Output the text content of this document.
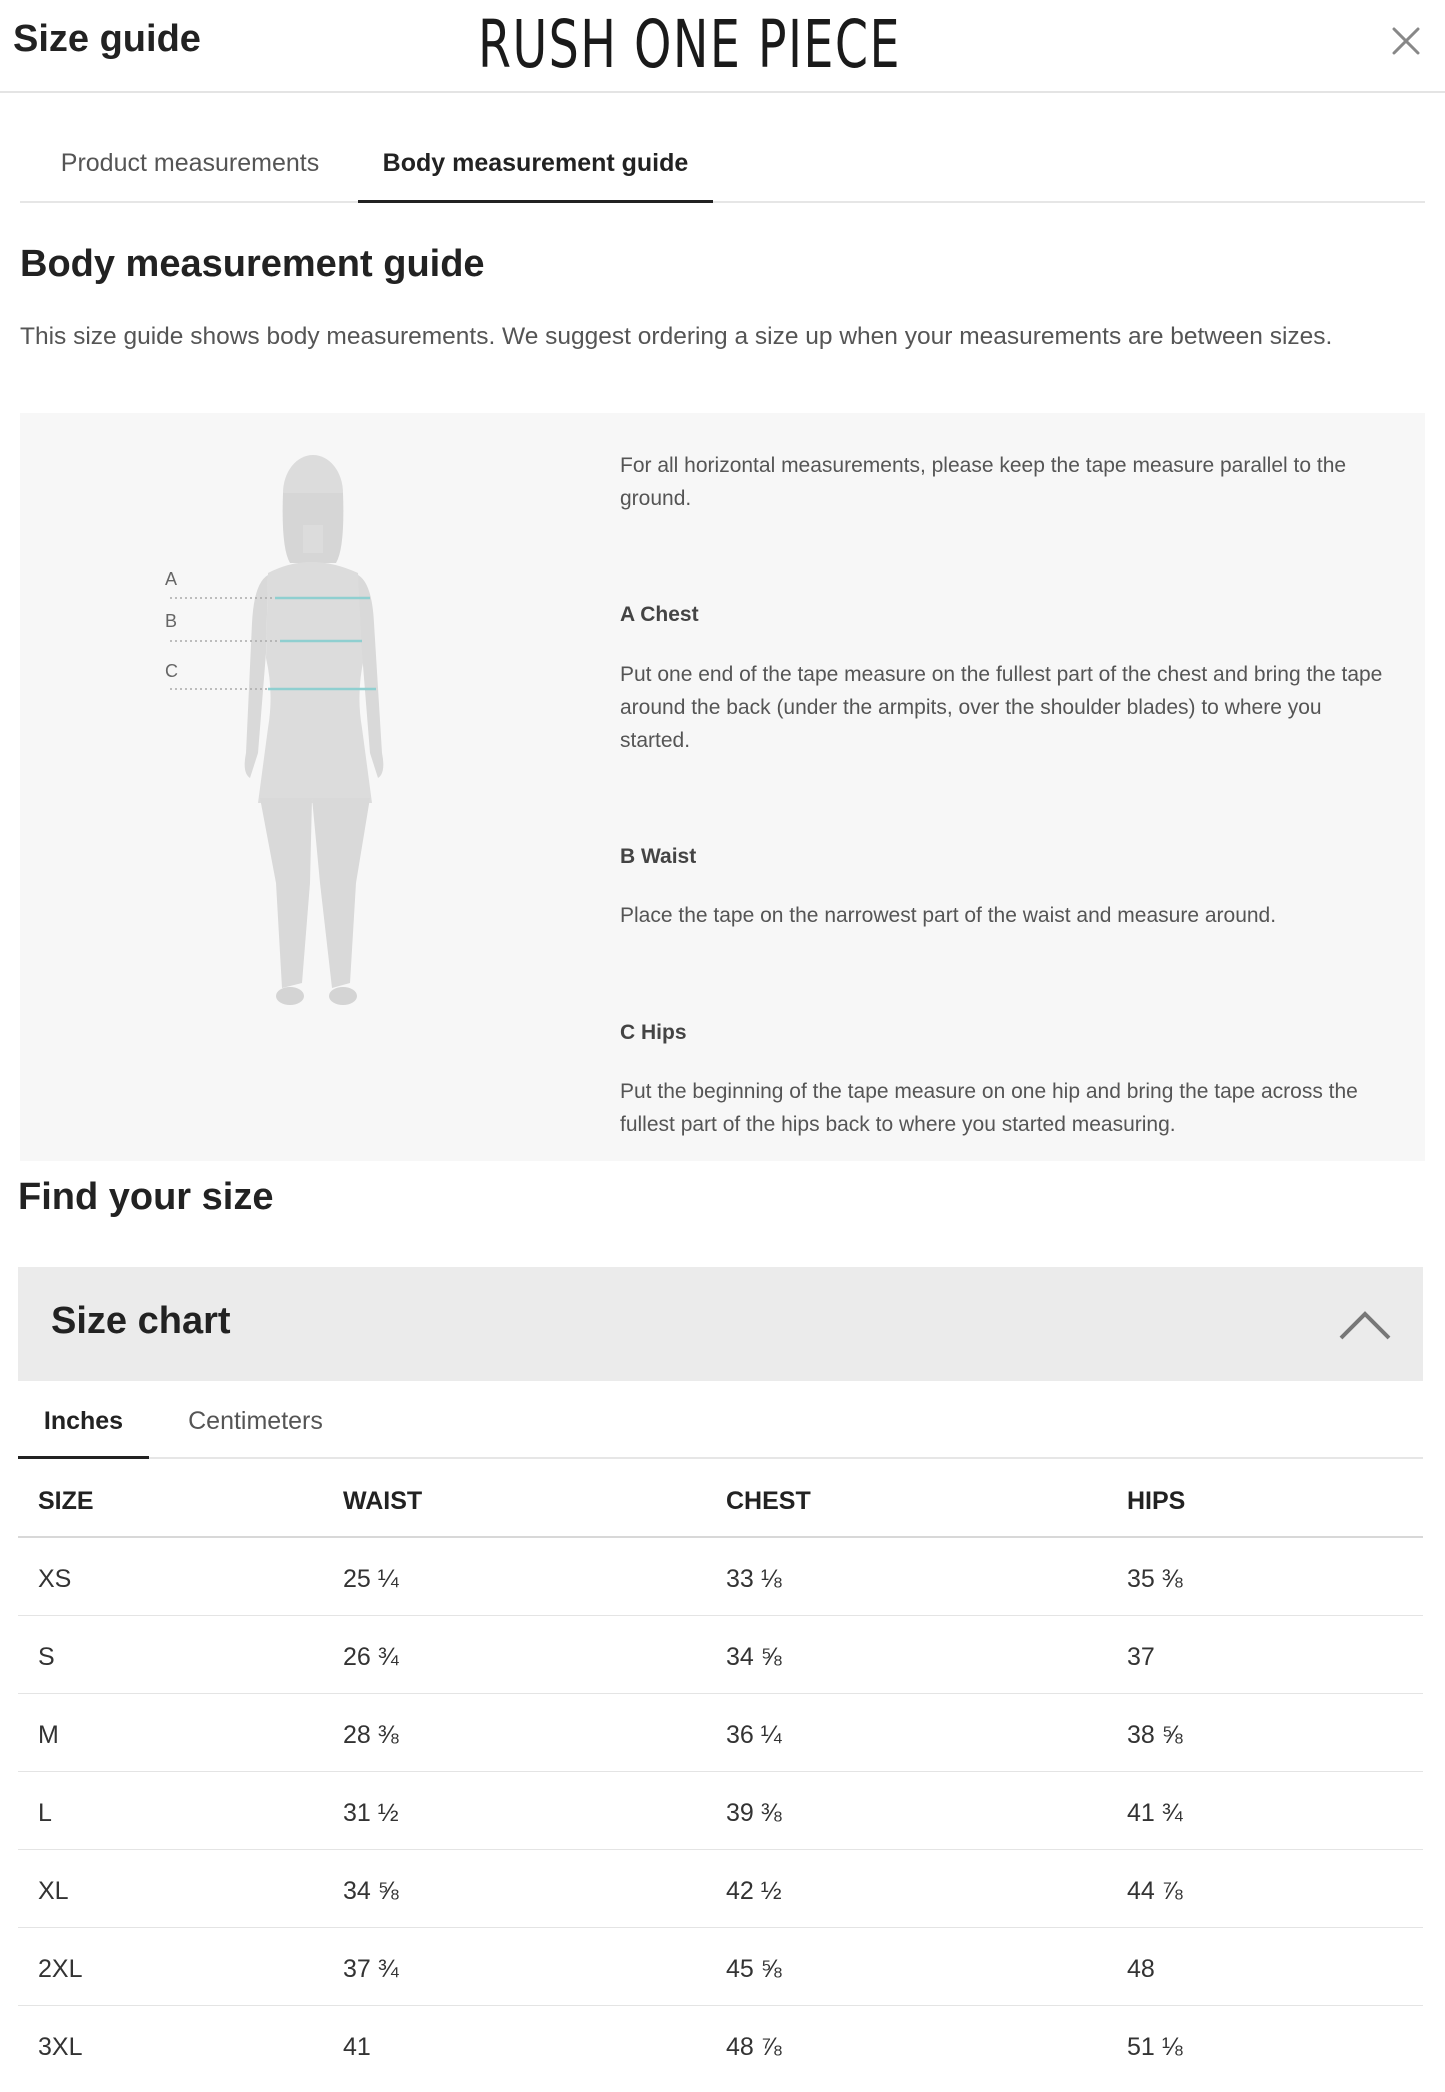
Size guide	RUSH ONE PIECE
Product measurements	Body measurement guide
Body measurement guide
This size guide shows body measurements. We suggest ordering a size up when your measurements are between sizes.
A
B
C
For all horizontal measurements, please keep the tape measure parallel to the ground.
A Chest
Put one end of the tape measure on the fullest part of the chest and bring the tape around the back (under the armpits, over the shoulder blades) to where you started.
B Waist
Place the tape on the narrowest part of the waist and measure around.
C Hips
Put the beginning of the tape measure on one hip and bring the tape across the fullest part of the hips back to where you started measuring.
Find your size
Size chart
Inches	Centimeters
SIZE	WAIST	CHEST	HIPS
XS	25 ¼	33 ⅛	35 ⅜
S	26 ¾	34 ⅝	37
M	28 ⅜	36 ¼	38 ⅝
L	31 ½	39 ⅜	41 ¾
XL	34 ⅝	42 ½	44 ⅞
2XL	37 ¾	45 ⅝	48
3XL	41	48 ⅞	51 ⅛
